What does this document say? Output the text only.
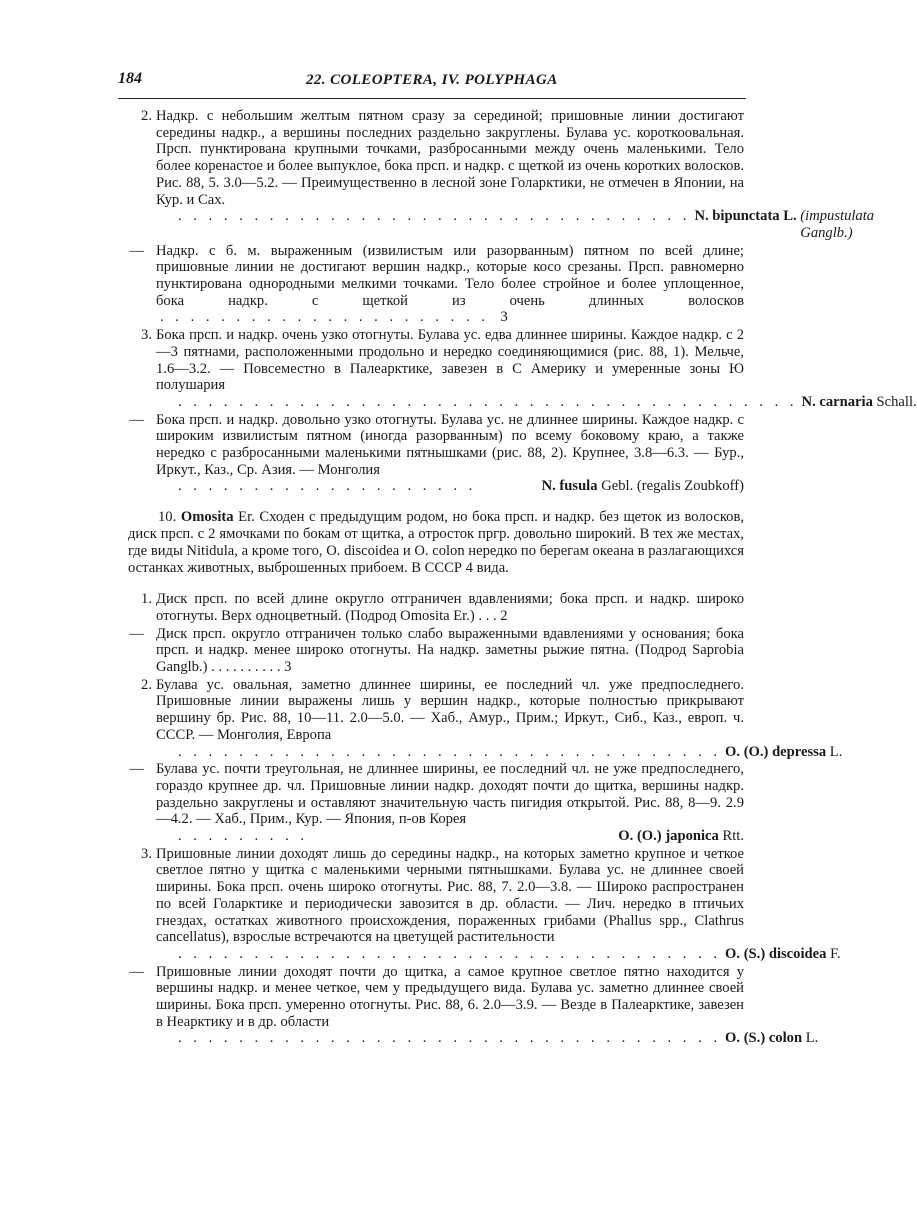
184	22. COLEOPTERA, IV. POLYPHAGA
2. Надкр. с небольшим желтым пятном сразу за серединой; пришовные линии достигают середины надкр., а вершины последних раздельно закруглены. Булава ус. короткоовальная. Прсп. пунктирована крупными точками, разбросанными между очень маленькими. Тело более коренастое и более выпуклое, бока прсп. и надкр. с щеткой из очень коротких волосков. Рис. 88, 5. 3.0—5.2. — Преимущественно в лесной зоне Голарктики, не отмечен в Японии, на Кур. и Сах.
. . . . . . . . . . . . . . . . . . . . . . . . . . . . . . . . . . N. bipunctata L.
(impustulata Ganglb.)
— Надкр. с б. м. выраженным (извилистым или разорванным) пятном по всей длине; пришовные линии не достигают вершин надкр., которые косо срезаны. Прсп. равномерно пунктирована однородными мелкими точками. Тело более стройное и более уплощенное, бока надкр. с щеткой из очень длинных волосков . . . . . . . . . . . . . . . . . . . . . . 3
3. Бока прсп. и надкр. очень узко отогнуты. Булава ус. едва длиннее ширины. Каждое надкр. с 2—3 пятнами, расположенными продольно и нередко соединяющимися (рис. 88, 1). Мельче, 1.6—3.2. — Повсеместно в Палеарктике, завезен в С Америку и умеренные зоны Ю полушария
. . . . . . . . . . . . . . . . . . . . . . . . . . . . . . . . . . . . . . . . . N. carnaria
Schall.
— Бока прсп. и надкр. довольно узко отогнуты. Булава ус. не длиннее ширины. Каждое надкр. с широким извилистым пятном (иногда разорванным) по всему боковому краю, а также нередко с разбросанными маленькими пятнышками (рис. 88, 2). Крупнее, 3.8—6.3. — Бур., Иркут., Каз., Ср. Азия. — Монголия
. . . . . . . . . . . . . . . . . . . .	N. fusula
Gebl. (regalis Zoubkoff)

10. Omosita Er. Сходен с предыдущим родом, но бока прсп. и надкр. без щеток из волосков, диск прсп. с 2 ямочками по бокам от щитка, а отросток пргр. довольно широкий. В тех же местах, где виды Nitidula, а кроме того, O. discoidea и O. colon нередко по берегам океана в разлагающихся останках животных, выброшенных прибоем. В СССР 4 вида.

1. Диск прсп. по всей длине округло отграничен вдавлениями; бока прсп. и надкр. широко отогнуты. Верх одноцветный. (Подрод Omosita Er.) . . . 2
— Диск прсп. округло отграничен только слабо выраженными вдавлениями у основания; бока прсп. и надкр. менее широко отогнуты. На надкр. заметны рыжие пятна. (Подрод Saprobia Ganglb.) . . . . . . . . . . 3
2. Булава ус. овальная, заметно длиннее ширины, ее последний чл. уже предпоследнего. Пришовные линии выражены лишь у вершин надкр., которые полностью прикрывают вершину бр. Рис. 88, 10—11. 2.0—5.0. — Хаб., Амур., Прим.; Иркут., Сиб., Каз., европ. ч. СССР. — Монголия, Европа
. . . . . . . . . . . . . . . . . . . . . . . . . . . . . . . . . . . . O. (O.) depressa
L.
— Булава ус. почти треугольная, не длиннее ширины, ее последний чл. не уже предпоследнего, гораздо крупнее др. чл. Пришовные линии надкр. доходят почти до щитка, вершины надкр. раздельно закруглены и оставляют значительную часть пигидия открытой. Рис. 88, 8—9. 2.9—4.2. — Хаб., Прим., Кур. — Япония, п-ов Корея
. . . . . . . . .	O. (O.) japonica
Rtt.
3. Пришовные линии доходят лишь до середины надкр., на которых заметно крупное и четкое светлое пятно у щитка с маленькими черными пятнышками. Булава ус. не длиннее своей ширины. Бока прсп. очень широко отогнуты. Рис. 88, 7. 2.0—3.8. — Широко распространен по всей Голарктике и периодически завозится в др. области. — Лич. нередко в птичьих гнездах, остатках животного происхождения, пораженных грибами (Phallus spp., Clathrus cancellatus), взрослые встречаются на цветущей растительности
. . . . . . . . . . . . . . . . . . . . . . . . . . . . . . . . . . . . O. (S.) discoidea
F.
— Пришовные линии доходят почти до щитка, а самое крупное светлое пятно находится у вершины надкр. и менее четкое, чем у предыдущего вида. Булава ус. заметно длиннее своей ширины. Бока прсп. умеренно отогнуты. Рис. 88, 6. 2.0—3.9. — Везде в Палеарктике, завезен в Неарктику и в др. области
. . . . . . . . . . . . . . . . . . . . . . . . . . . . . . . . . . . . O. (S.) colon
L.
